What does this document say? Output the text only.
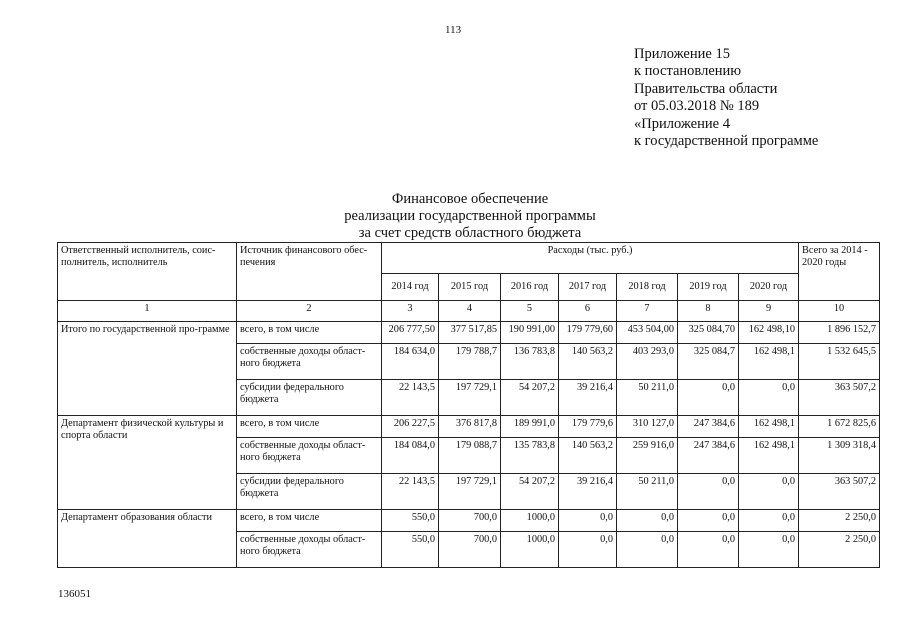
113
Приложение 15
к постановлению
Правительства области
от 05.03.2018 № 189
«Приложение 4
к государственной программе
Финансовое обеспечение
реализации государственной программы
за счет средств областного бюджета
Ответственный исполнитель, соис-полнитель, исполнитель	Источник финансового обес-печения	Расходы (тыс. руб.)							Всего за 2014 - 2020 годы
		2014 год	2015 год	2016 год	2017 год	2018 год	2019 год	2020 год	
1	2	3	4	5	6	7	8	9	10
Итого по государственной про-грамме	всего, в том числе	206 777,50	377 517,85	190 991,00	179 779,60	453 504,00	325 084,70	162 498,10	1 896 152,7
	собственные доходы област-ного бюджета	184 634,0	179 788,7	136 783,8	140 563,2	403 293,0	325 084,7	162 498,1	1 532 645,5
	субсидии федерального бюджета	22 143,5	197 729,1	54 207,2	39 216,4	50 211,0	0,0	0,0	363 507,2
Департамент физической культуры и спорта области	всего, в том числе	206 227,5	376 817,8	189 991,0	179 779,6	310 127,0	247 384,6	162 498,1	1 672 825,6
	собственные доходы област-ного бюджета	184 084,0	179 088,7	135 783,8	140 563,2	259 916,0	247 384,6	162 498,1	1 309 318,4
	субсидии федерального бюджета	22 143,5	197 729,1	54 207,2	39 216,4	50 211,0	0,0	0,0	363 507,2
Департамент образования области	всего, в том числе	550,0	700,0	1000,0	0,0	0,0	0,0	0,0	2 250,0
	собственные доходы област-ного бюджета	550,0	700,0	1000,0	0,0	0,0	0,0	0,0	2 250,0
136051
